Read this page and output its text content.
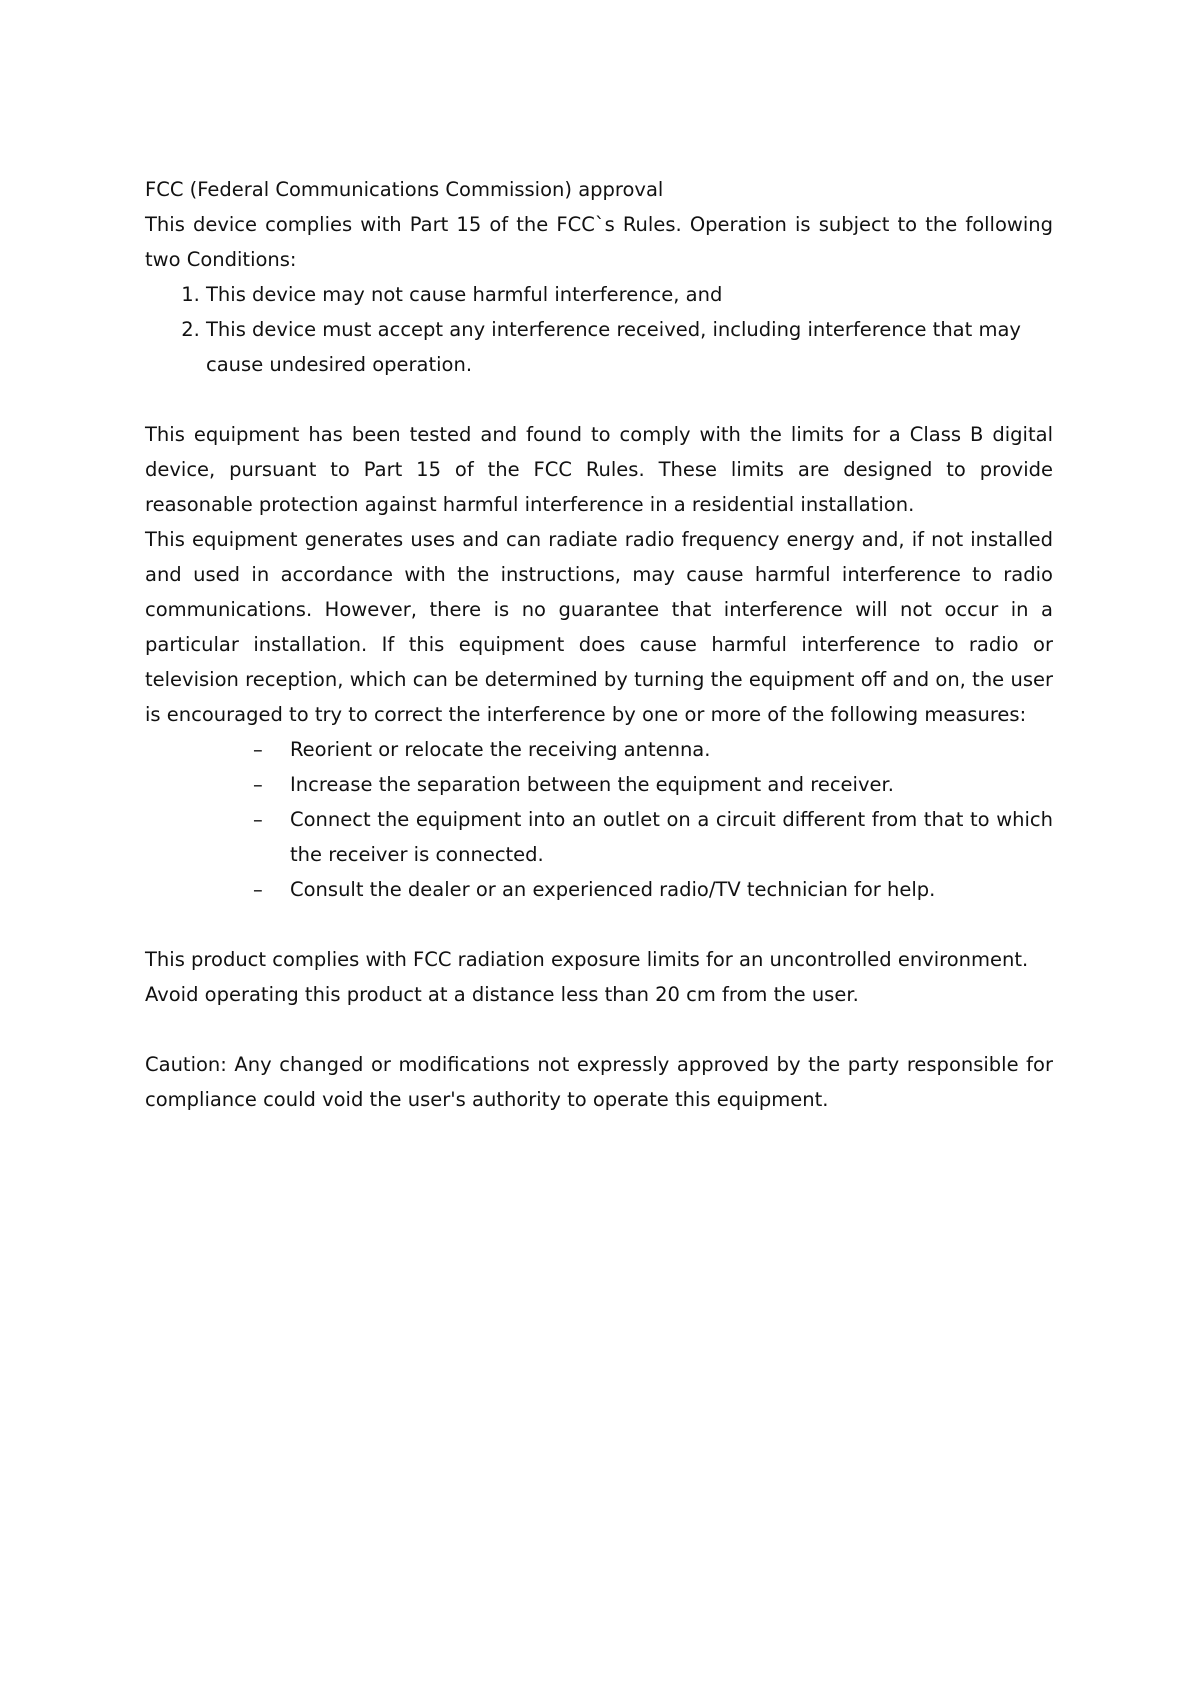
FCC (Federal Communications Commission) approval

This device complies with Part 15 of the FCC`s Rules. Operation is subject to the following two Conditions:

1. This device may not cause harmful interference, and
2. This device must accept any interference received, including interference that may cause undesired operation.

This equipment has been tested and found to comply with the limits for a Class B digital device, pursuant to Part 15 of the FCC Rules. These limits are designed to provide reasonable protection against harmful interference in a residential installation.

This equipment generates uses and can radiate radio frequency energy and, if not installed and used in accordance with the instructions, may cause harmful interference to radio communications. However, there is no guarantee that interference will not occur in a particular installation. If this equipment does cause harmful interference to radio or television reception, which can be determined by turning the equipment off and on, the user is encouraged to try to correct the interference by one or more of the following measures:

– Reorient or relocate the receiving antenna.
– Increase the separation between the equipment and receiver.
– Connect the equipment into an outlet on a circuit different from that to which the receiver is connected.
– Consult the dealer or an experienced radio/TV technician for help.

This product complies with FCC radiation exposure limits for an uncontrolled environment.

Avoid operating this product at a distance less than 20 cm from the user.

Caution: Any changed or modifications not expressly approved by the party responsible for compliance could void the user's authority to operate this equipment.
